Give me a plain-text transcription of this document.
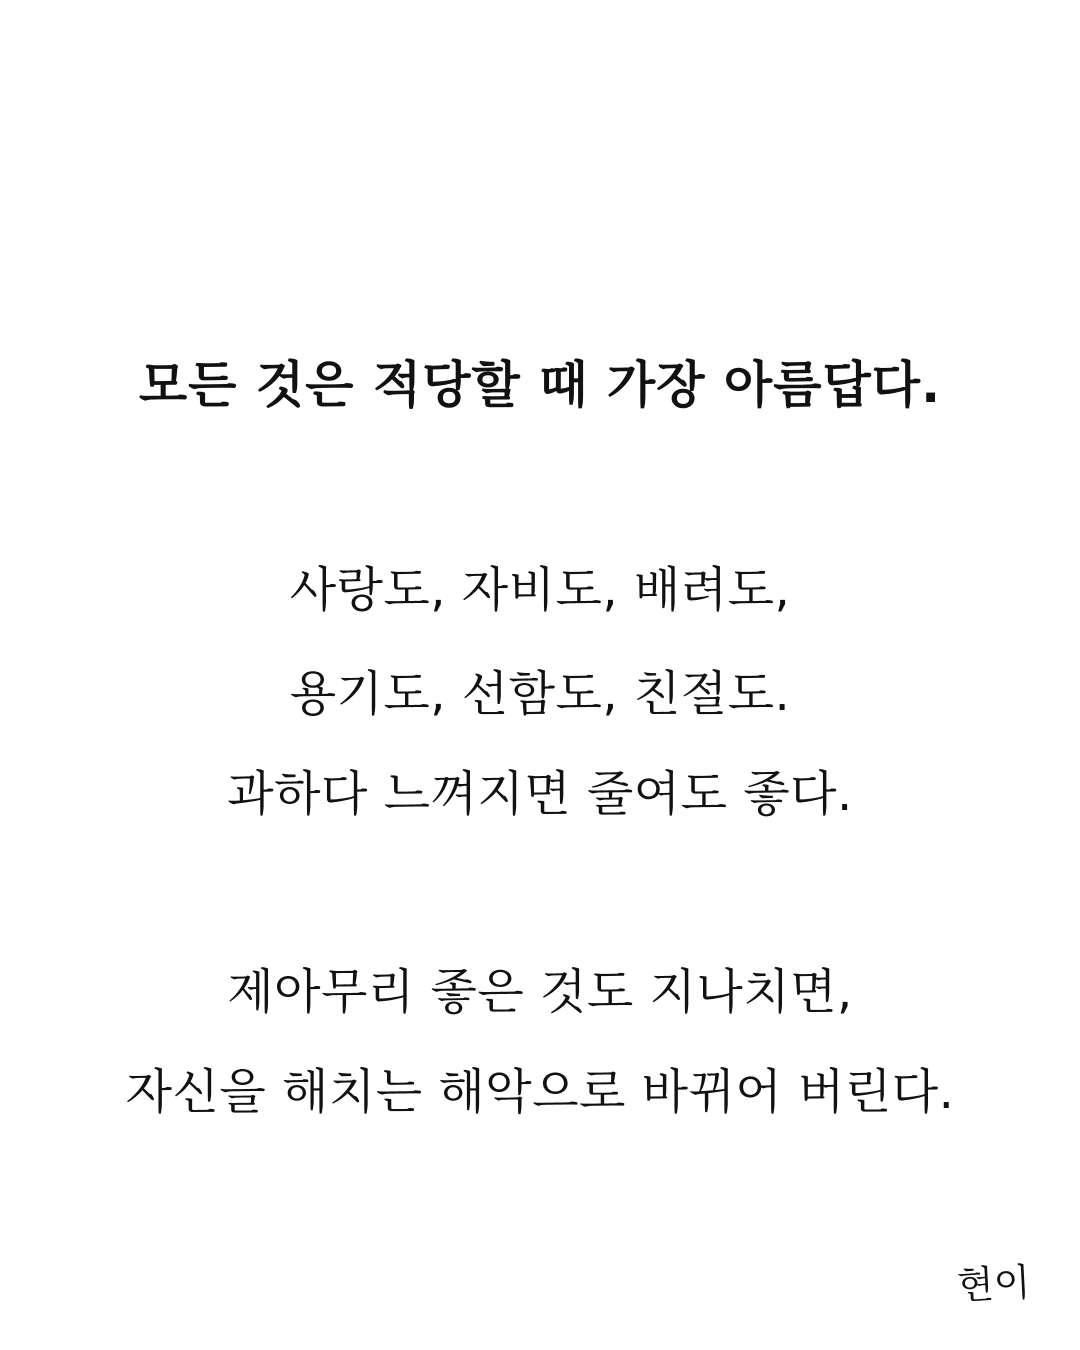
모든 것은 적당할 때 가장 아름답다.
사랑도, 자비도, 배려도,
용기도, 선함도, 친절도.
과하다 느껴지면 줄여도 좋다.
제아무리 좋은 것도 지나치면,
자신을 해치는 해악으로 바뀌어 버린다.
현이
